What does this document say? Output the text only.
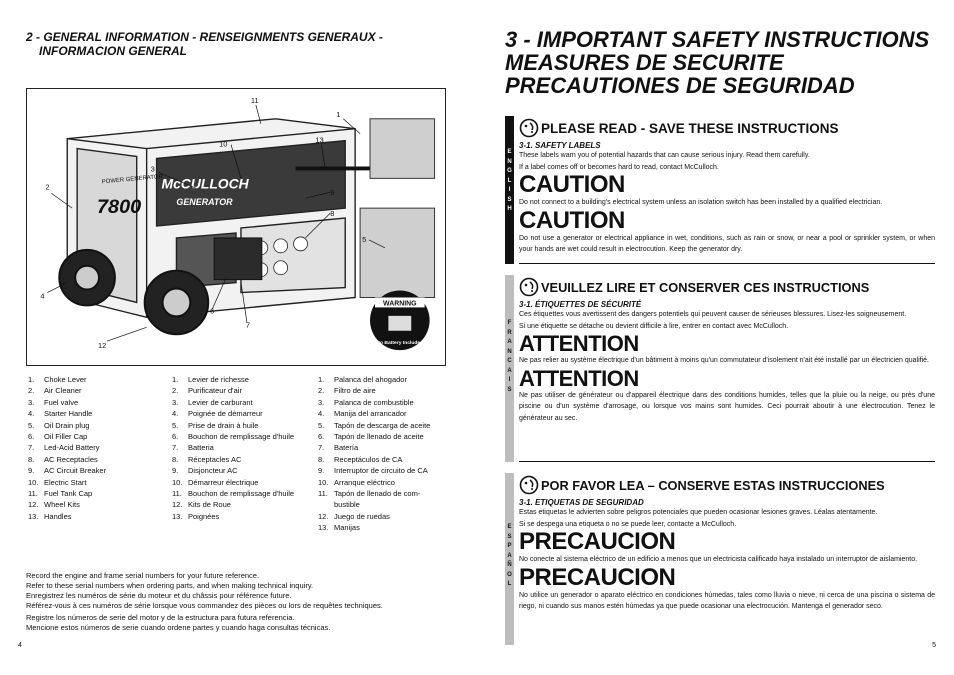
2 - GENERAL INFORMATION - RENSEIGNMENTS GENERAUX -
INFORMACION GENERAL
McCULLOCH
GENERATOR
POWER GENERATOR
7800
WARNING
No Battery Included
1
2
3
4
5
6
7
8
9
10
11
12
13
1.	Choke Lever
2.	Air Cleaner
3.	Fuel valve
4.	Starter Handle
5.	Oil Drain plug
6.	Oil Filler Cap
7.	Led-Acid Battery
8.	AC Receptacles
9.	AC Circuit Breaker
10. Electric Start
11. Fuel Tank Cap
12. Wheel Kits
13. Handles
1.	Levier de richesse
2.	Purificateur d'air
3.	Levier de carburant
4.	Poignée de démarreur
5.	Prise de drain à huile
6.	Bouchon de remplissage d'huile
7.	Batteria
8.	Réceptacles AC
9.	Disjoncteur AC
10. Démarreur électrique
11. Bouchon de remplissage d'huile
12. Kits de Roue
13. Poignées
1.	Palanca del ahogador
2.	Filtro de aire
3.	Palanca de combustible
4.	Manija del arrancador
5.	Tapón de descarga de aceite
6.	Tapón de llenado de aceite
7.	Batería
8.	Receptáculos de CA
9.	Interruptor de circuito de CA
10. Arranque eléctrico
11. Tapón de llenado de com-
bustible
12. Juego de ruedas
13. Manijas
Record the engine and frame serial numbers for your future reference.
Refer to these serial numbers when ordering parts, and when making technical inquiry.
Enregistrez les numéros de série du moteur et du châssis pour référence future.
Référez-vous à ces numéros de série lorsque vous commandez des pièces ou lors de requêtes techniques.
Registre los números de serie del motor y de la estructura para futura referencia.
Mencione estos números de serie cuando ordene partes y cuando haga consultas técnicas.
4
3 - IMPORTANT SAFETY INSTRUCTIONS
MEASURES DE SECURITE
PRECAUTIONES DE SEGURIDAD
E
N
G
L
I
S
H
PLEASE READ - SAVE THESE INSTRUCTIONS
3-1. SAFETY LABELS
These labels warn you of potential hazards that can cause serious injury. Read them carefully.
If a label comes off or becomes hard to read, contact McCulloch.
CAUTION
Do not connect to a building's electrical system unless an isolation switch has been installed by a qualified electrician.
CAUTION
Do not use a generator or electrical appliance in wet, conditions, such as rain or snow, or near a pool or sprinkler system, or when your hands are wet could result in electrocution. Keep the generator dry.
F
R
A
N
C
A
I
S
VEUILLEZ LIRE ET CONSERVER CES INSTRUCTIONS
3-1. ÉTIQUETTES DE SÉCURITÉ
Ces étiquettes vous avertissent des dangers potentiels qui peuvent causer de sérieuses blessures. Lisez-les soigneusement.
Si une étiquette se détache ou devient difficile à lire, entrer en contact avec McCulloch.
ATTENTION
Ne pas relier au système électrique d'un bâtiment à moins qu'un commutateur d'isolement n'ait été installé par un électricien qualifié.
ATTENTION
Ne pas utiliser de générateur ou d'appareil électrique dans des conditions humides, telles que la pluie ou la neige, ou près d'une piscine ou d'un système d'arrosage, ou lorsque vos mains sont humides. Ceci pourrait aboutir à une électrocution. Tenez le générateur au sec.
E
S
P
A
Ñ
O
L
POR FAVOR LEA – CONSERVE ESTAS INSTRUCCIONES
3-1. ETIQUETAS DE SEGURIDAD
Estas etiquetas le advierten sobre peligros potenciales que pueden ocasionar lesiones graves. Léalas atentamente.
Si se despega una etiqueta o no se puede leer, contacte a McCulloch.
PRECAUCION
No conecte al sistema eléctrico de un edificio a menos que un electricista calificado haya instalado un interruptor de aislamiento.
PRECAUCION
No utilice un generador o aparato eléctrico en condiciones húmedas, tales como lluvia o nieve, ni cerca de una piscina o sistema de riego, ni cuando sus manos estén húmedas ya que puede ocasionar una electrocución. Mantenga el generador seco.
5
